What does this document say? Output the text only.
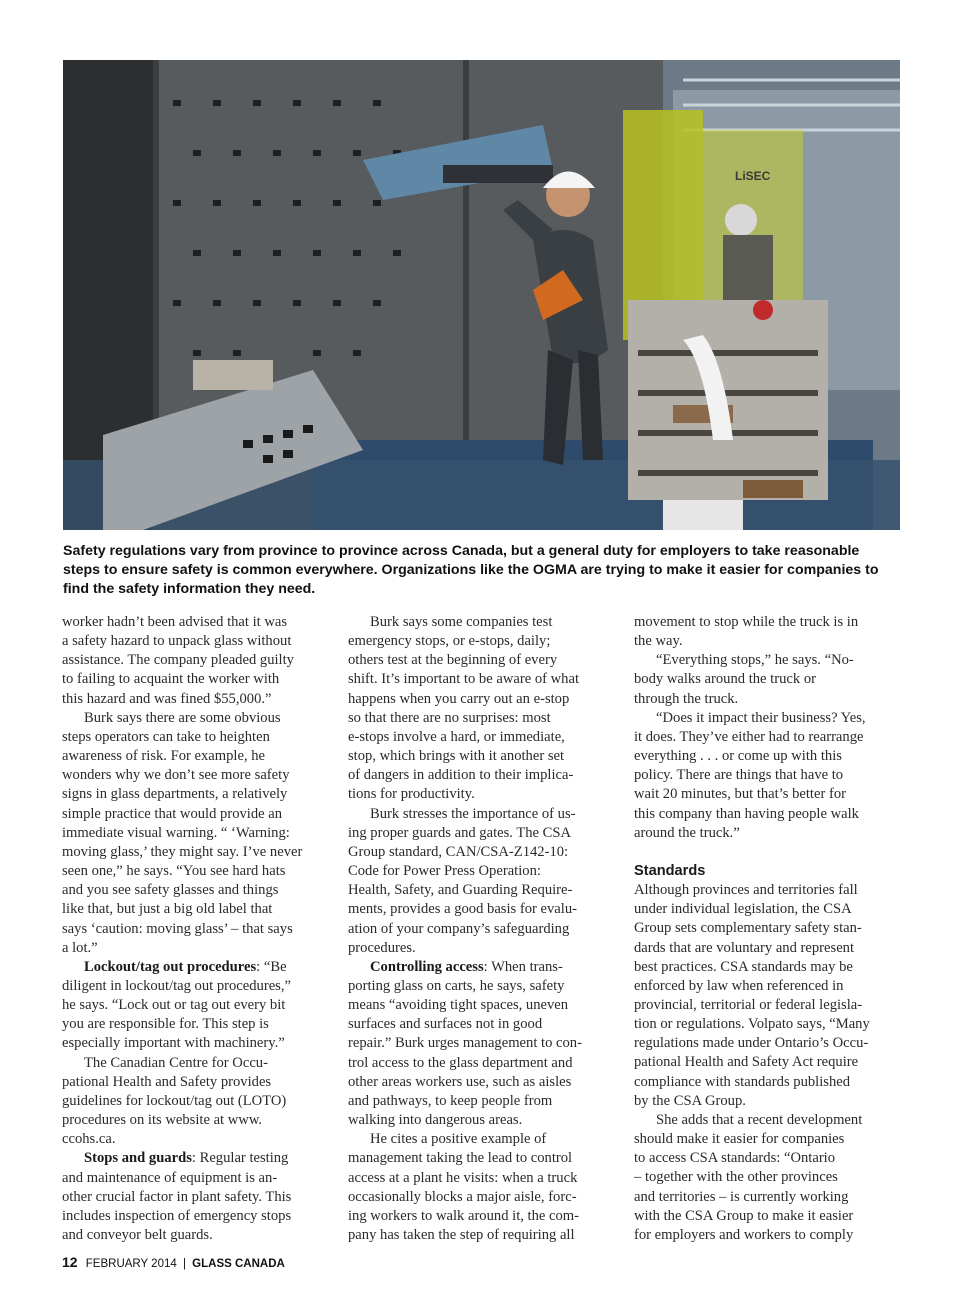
LiSEC

Safety regulations vary from province to province across Canada, but a general duty for employers to take reasonable steps to ensure safety is common everywhere. Organizations like the OGMA are trying to make it easier for companies to find the safety information they need.

worker hadn’t been advised that it was
a safety hazard to unpack glass without
assistance. The company pleaded guilty
to failing to acquaint the worker with
this hazard and was fined $55,000.”

Burk says there are some obvious
steps operators can take to heighten
awareness of risk. For example, he
wonders why we don’t see more safety
signs in glass departments, a relatively
simple practice that would provide an
immediate visual warning. “ ‘Warning:
moving glass,’ they might say. I’ve never
seen one,” he says. “You see hard hats
and you see safety glasses and things
like that, but just a big old label that
says ‘caution: moving glass’ – that says
a lot.”

Lockout/tag out procedures: “Be
diligent in lockout/tag out procedures,”
he says. “Lock out or tag out every bit
you are responsible for. This step is
especially important with machinery.”

The Canadian Centre for Occu-
pational Health and Safety provides
guidelines for lockout/tag out (LOTO)
procedures on its website at www.
ccohs.ca.

Stops and guards: Regular testing
and maintenance of equipment is an-
other crucial factor in plant safety. This
includes inspection of emergency stops
and conveyor belt guards.

Burk says some companies test
emergency stops, or e-stops, daily;
others test at the beginning of every
shift. It’s important to be aware of what
happens when you carry out an e-stop
so that there are no surprises: most
e-stops involve a hard, or immediate,
stop, which brings with it another set
of dangers in addition to their implica-
tions for productivity.

Burk stresses the importance of us-
ing proper guards and gates. The CSA
Group standard, CAN/CSA-Z142-10:
Code for Power Press Operation:
Health, Safety, and Guarding Require-
ments, provides a good basis for evalu-
ation of your company’s safeguarding
procedures.

Controlling access: When trans-
porting glass on carts, he says, safety
means “avoiding tight spaces, uneven
surfaces and surfaces not in good
repair.” Burk urges management to con-
trol access to the glass department and
other areas workers use, such as aisles
and pathways, to keep people from
walking into dangerous areas.

He cites a positive example of
management taking the lead to control
access at a plant he visits: when a truck
occasionally blocks a major aisle, forc-
ing workers to walk around it, the com-
pany has taken the step of requiring all

movement to stop while the truck is in
the way.

“Everything stops,” he says. “No-
body walks around the truck or
through the truck.

“Does it impact their business? Yes,
it does. They’ve either had to rearrange
everything . . . or come up with this
policy. There are things that have to
wait 20 minutes, but that’s better for
this company than having people walk
around the truck.”

Standards

Although provinces and territories fall
under individual legislation, the CSA
Group sets complementary safety stan-
dards that are voluntary and represent
best practices. CSA standards may be
enforced by law when referenced in
provincial, territorial or federal legisla-
tion or regulations. Volpato says, “Many
regulations made under Ontario’s Occu-
pational Health and Safety Act require
compliance with standards published
by the CSA Group.

She adds that a recent development
should make it easier for companies
to access CSA standards: “Ontario
– together with the other provinces
and territories – is currently working
with the CSA Group to make it easier
for employers and workers to comply

12 FEBRUARY 2014 | GLASS CANADA
